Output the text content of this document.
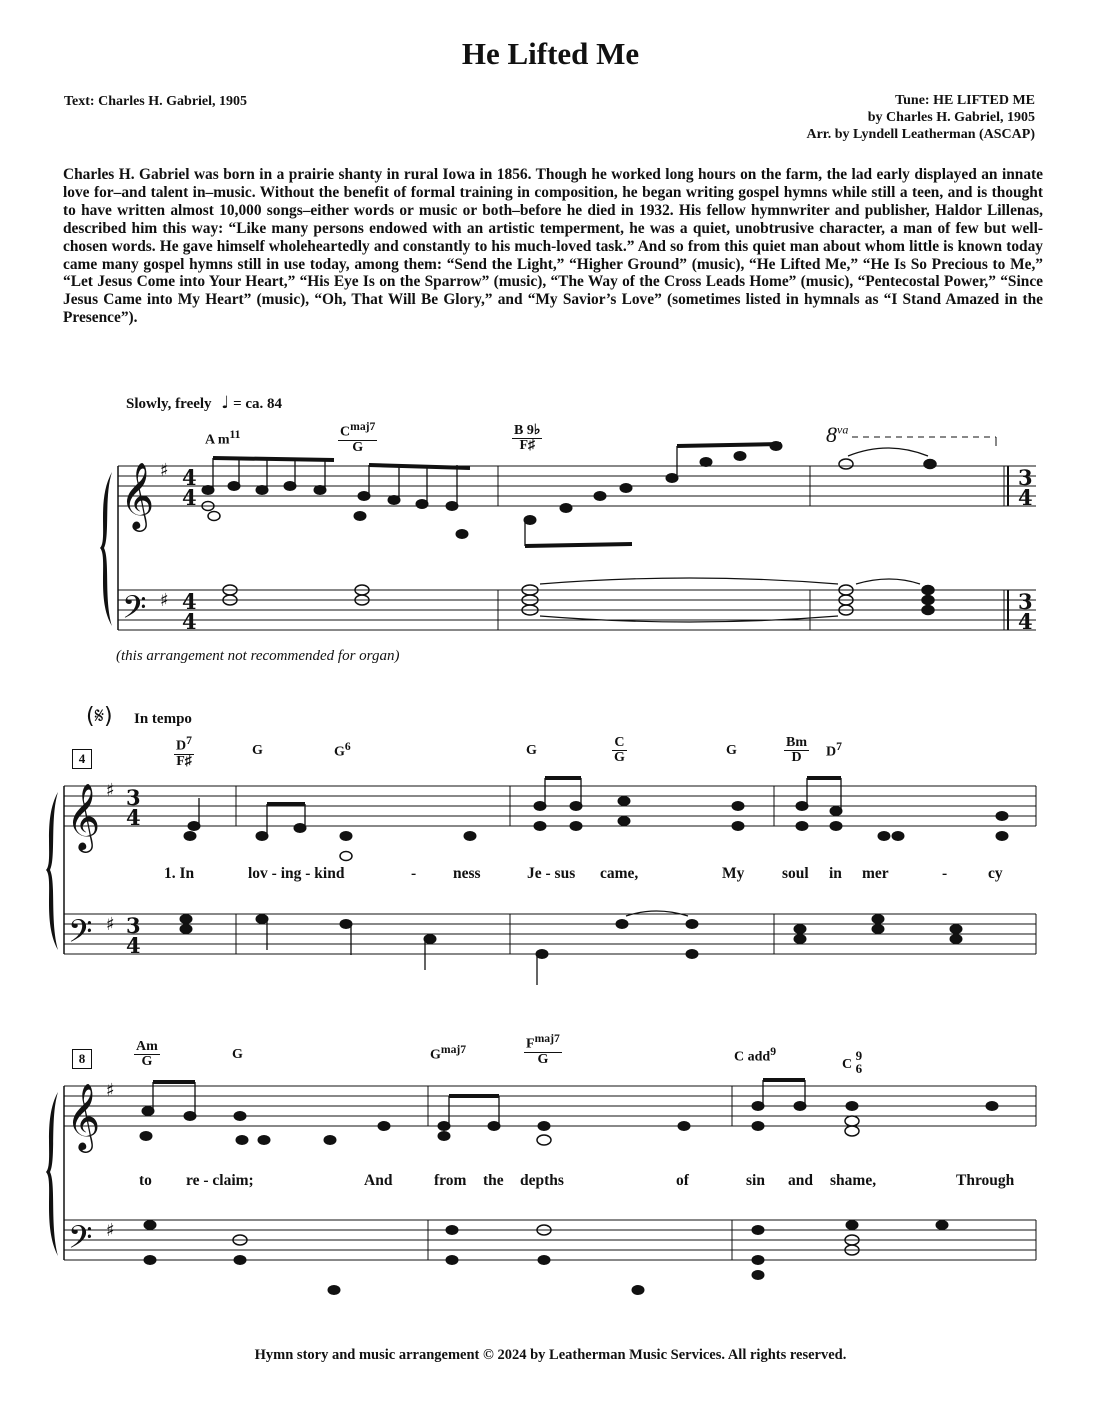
He Lifted Me
Text: Charles H. Gabriel, 1905	Tune: HE LIFTED ME
by Charles H. Gabriel, 1905
Arr. by Lyndell Leatherman (ASCAP)
Charles H. Gabriel was born in a prairie shanty in rural Iowa in 1856. Though he worked long hours on the farm, the lad early displayed an innate love for–and talent in–music. Without the benefit of formal training in composition, he began writing gospel hymns while still a teen, and is thought to have written almost 10,000 songs–either words or music or both–before he died in 1932. His fellow hymnwriter and publisher, Haldor Lillenas, described him this way: “Like many persons endowed with an artistic temperment, he was a quiet, unobtrusive character, a man of few but well-chosen words. He gave himself wholeheartedly and constantly to his much-loved task.” And so from this quiet man about whom little is known today came many gospel hymns still in use today, among them: “Send the Light,” “Higher Ground” (music), “He Lifted Me,” “He Is So Precious to Me,” “Let Jesus Come into Your Heart,” “His Eye Is on the Sparrow” (music), “The Way of the Cross Leads Home” (music), “Pentecostal Power,” “Since Jesus Came into My Heart” (music), “Oh, That Will Be Glory,” and “My Savior’s Love” (sometimes listed in hymnals as “I Stand Amazed in the Presence”).
𝄞
𝄢
𝄞
𝄢
𝄞
𝄢
♯
♯
♯
♯
♯
♯
4
4
4
4
3
4
3
4
3
4
3
4
Slowly, freely ♩ = ca. 84
A $m^{11}$	$\frac{C^{maj7}}{G}$	$\frac{B 9♭}{F♯}$	$8^{va}$
(this arrangement not recommended for organ)
(𝄋) In tempo
4	$\frac{D^7}{F♯}$	G	$G^6$	G	$\frac{C}{G}$	G	$\frac{Bm}{D} D^7$
1. In	lov - ing - kind	- ness	Je - sus came,	My soul in mer	-	cy
8	$\frac{Am}{G}$	G	$G^{maj7}$	$\frac{F^{maj7}}{G}$	C add$^9$
C
9
6
to re - claim;	And	from the depths	of	sin and shame,	Through
Hymn story and music arrangement © 2024 by Leatherman Music Services. All rights reserved.
